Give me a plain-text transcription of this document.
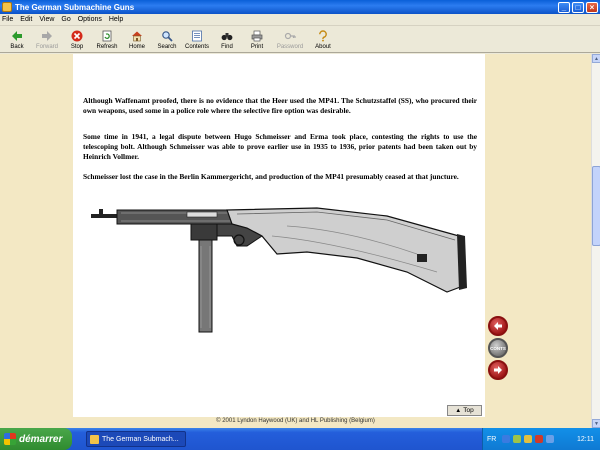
The German Submachine Guns	_	□	×
File Edit View Go Options Help
Back Forward Stop Refresh Home Search Contents Find	Print Password About

Although Waffenamt proofed, there is no evidence that the Heer used the MP41. The Schutzstaffel (SS), who procured their own weapons, used some in a police role where the selective fire option was desirable.

Some time in 1941, a legal dispute between Hugo Schmeisser and Erma took place, contesting the rights to use the telescoping bolt. Although Schmeisser was able to prove earlier use in 1935 to 1936, prior patents had been taken out by Heinrich Vollmer.

Schmeisser lost the case in the Berlin Kammergericht, and production of the MP41 presumably ceased at that juncture.

CONTS
▲ Top
© 2001 Lyndon Haywood (UK) and HL Publishing (Belgium)
▲
▼
démarrer	The German Submach...	FR	12:11
